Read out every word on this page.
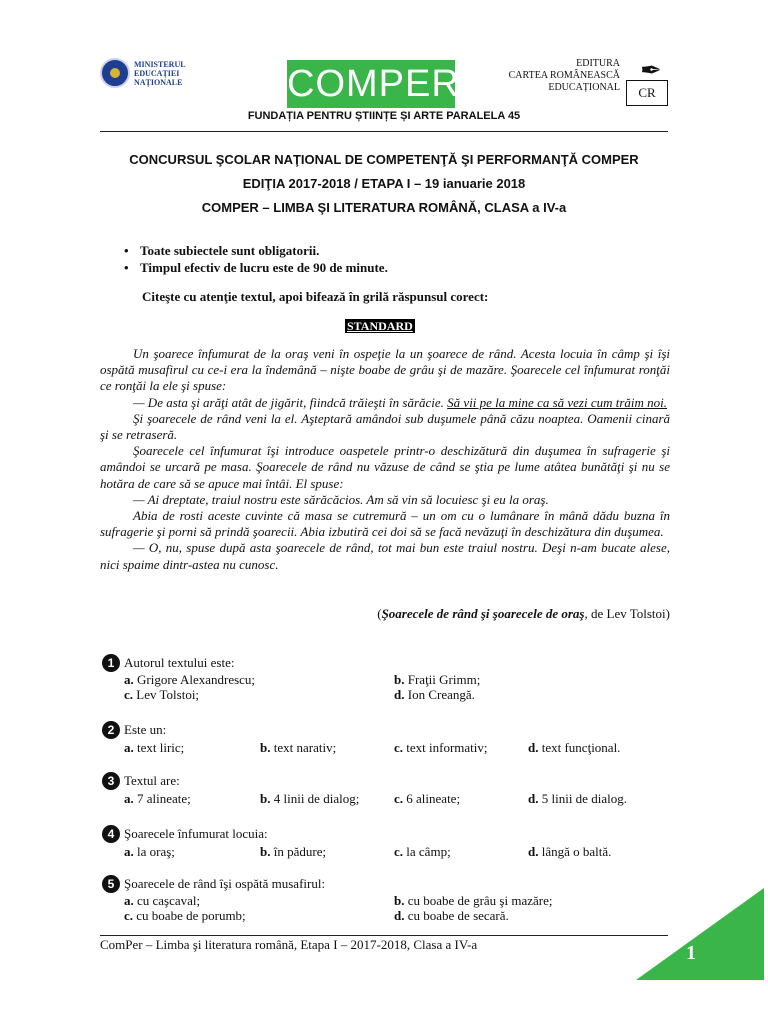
MINISTERUL EDUCAȚIEI NAȚIONALE	COMPER	EDITURA
CARTEA ROMÂNEASCĂ
EDUCAȚIONAL
✒
CR
FUNDAȚIA PENTRU ȘTIINȚE ȘI ARTE PARALELA 45
CONCURSUL ŞCOLAR NAŢIONAL DE COMPETENŢĂ ŞI PERFORMANŢĂ COMPER
EDIŢIA 2017-2018 / ETAPA I – 19 ianuarie 2018
COMPER – LIMBA ŞI LITERATURA ROMÂNĂ, CLASA a IV-a
• Toate subiectele sunt obligatorii.
• Timpul efectiv de lucru este de 90 de minute.
Citeşte cu atenţie textul, apoi bifează în grilă răspunsul corect:
STANDARD

Un şoarece înfumurat de la oraş veni în ospeţie la un şoarece de rând. Acesta locuia în câmp şi îşi ospătă musafirul cu ce-i era la îndemână – nişte boabe de grâu şi de mazăre. Şoarecele cel înfumurat ronţăi ce ronţăi la ele şi spuse:

— De asta şi arăţi atât de jigărit, fiindcă trăieşti în sărăcie. Să vii pe la mine ca să vezi cum trăim noi.

Şi şoarecele de rând veni la el. Aşteptară amândoi sub duşumele până căzu noaptea. Oamenii cinară şi se retraseră.

Şoarecele cel înfumurat îşi introduce oaspetele printr-o deschizătură din duşumea în sufragerie şi amândoi se urcară pe masa. Şoarecele de rând nu văzuse de când se ştia pe lume atâtea bunătăţi şi nu se hotăra de care să se apuce mai întâi. El spuse:

— Ai dreptate, traiul nostru este sărăcăcios. Am să vin să locuiesc şi eu la oraş.

Abia de rosti aceste cuvinte că masa se cutremură – un om cu o lumânare în mână dădu buzna în sufragerie şi porni să prindă şoarecii. Abia izbutiră cei doi să se facă nevăzuţi în deschizătura din duşumea.

— O, nu, spuse după asta şoarecele de rând, tot mai bun este traiul nostru. Deşi n-am bucate alese, nici spaime dintr-astea nu cunosc.

(Şoarecele de rând şi şoarecele de oraş, de Lev Tolstoi)
1 Autorul textului este:
a. Grigore Alexandrescu;	b. Fraţii Grimm;
c. Lev Tolstoi;	d. Ion Creangă.
2 Este un:
a. text liric;	b. text narativ;	c. text informativ;	d. text funcţional.
3 Textul are:
a. 7 alineate;	b. 4 linii de dialog;	c. 6 alineate;	d. 5 linii de dialog.
4 Şoarecele înfumurat locuia:
a. la oraş;	b. în pădure;	c. la câmp;	d. lângă o baltă.
5 Şoarecele de rând îşi ospătă musafirul:
a. cu caşcaval;	b. cu boabe de grâu şi mazăre;
c. cu boabe de porumb;	d. cu boabe de secară.
ComPer – Limba şi literatura română, Etapa I – 2017-2018, Clasa a IV-a	1
